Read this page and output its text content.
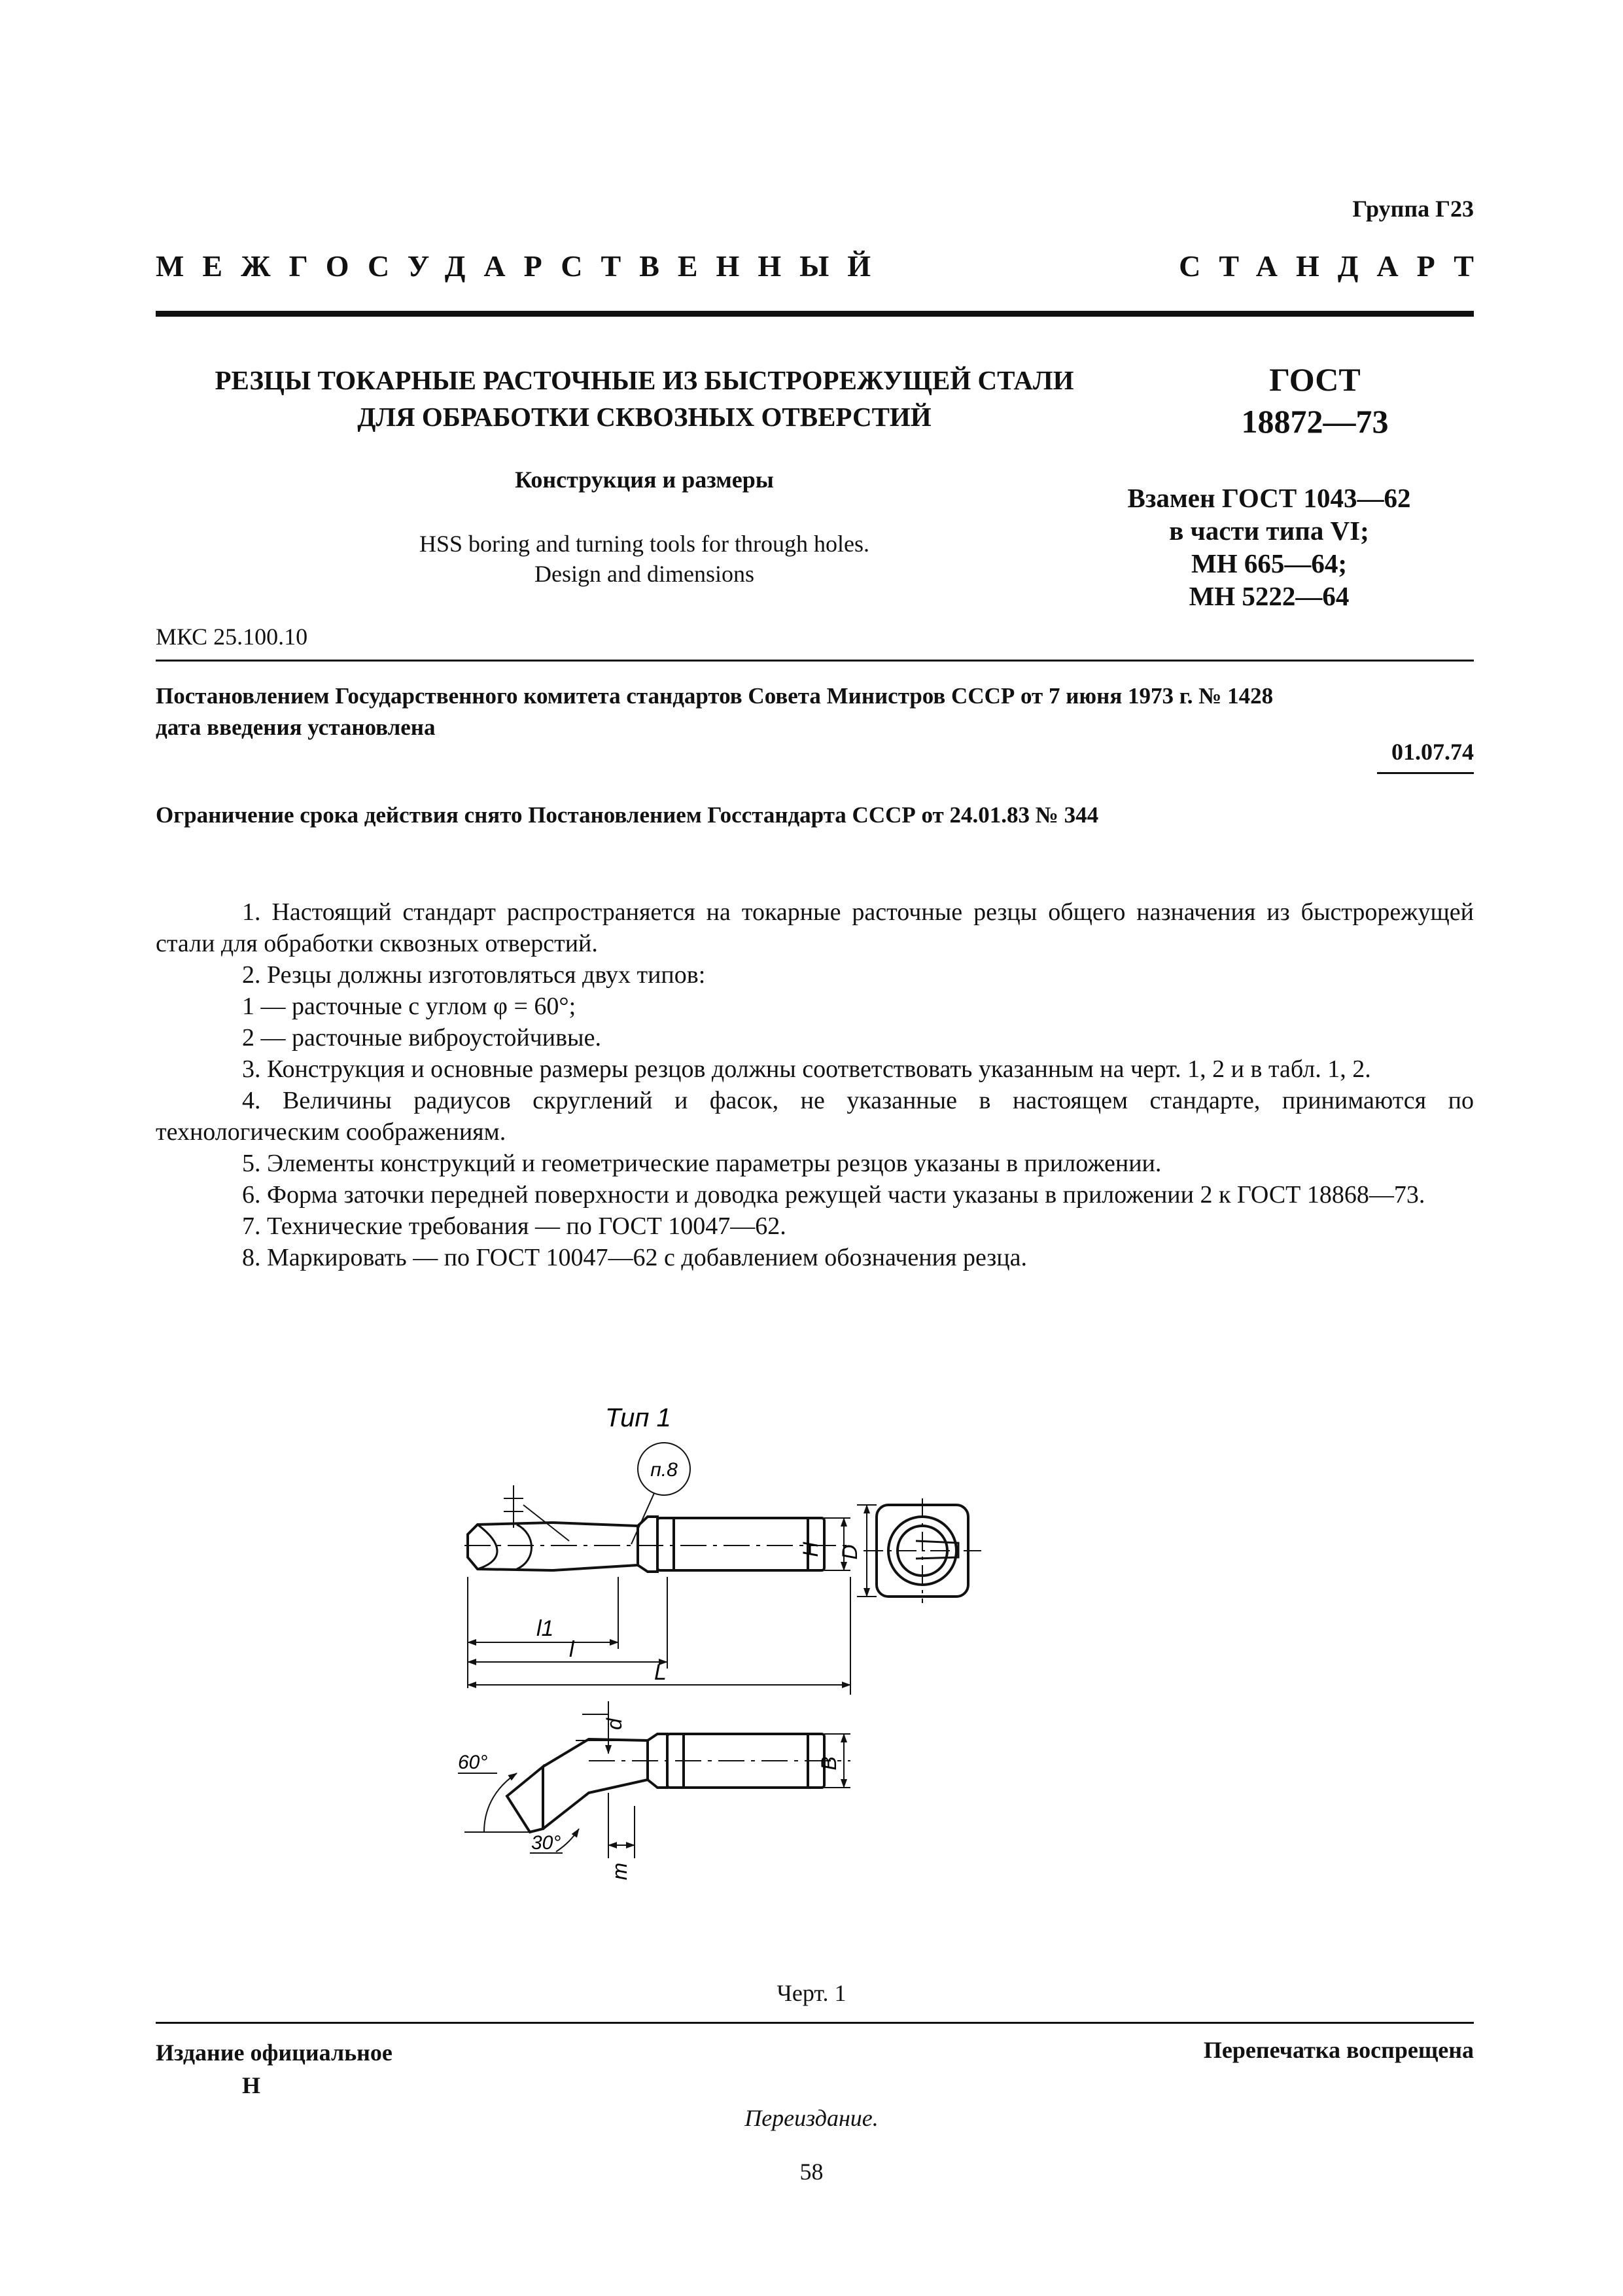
Группа Г23
МЕЖГОСУДАРСТВЕННЫЙ	СТАНДАРТ
РЕЗЦЫ ТОКАРНЫЕ РАСТОЧНЫЕ ИЗ БЫСТРОРЕЖУЩЕЙ СТАЛИ
ДЛЯ ОБРАБОТКИ СКВОЗНЫХ ОТВЕРСТИЙ
ГОСТ
18872—73
Конструкция и размеры
HSS boring and turning tools for through holes.
Design and dimensions
Взамен ГОСТ 1043—62
в части типа VI;
МН 665—64;
МН 5222—64
МКС 25.100.10
Постановлением Государственного комитета стандартов Совета Министров СССР от 7 июня 1973 г. № 1428
дата введения установлена
01.07.74
Ограничение срока действия снято Постановлением Госстандарта СССР от 24.01.83 № 344

1. Настоящий стандарт распространяется на токарные расточные резцы общего назначения из быстрорежущей стали для обработки сквозных отверстий.

2. Резцы должны изготовляться двух типов:

1 — расточные с углом φ = 60°;

2 — расточные виброустойчивые.

3. Конструкция и основные размеры резцов должны соответствовать указанным на черт. 1, 2 и в табл. 1, 2.

4. Величины радиусов скруглений и фасок, не указанные в настоящем стандарте, принимаются по технологическим соображениям.

5. Элементы конструкций и геометрические параметры резцов указаны в приложении.

6. Форма заточки передней поверхности и доводка режущей части указаны в приложении 2 к ГОСТ 18868—73.

7. Технические требования — по ГОСТ 10047—62.

8. Маркировать — по ГОСТ 10047—62 с добавлением обозначения резца.

Тип 1
п.8
H D
l1
l
L
d
B
m
60°
30°
Черт. 1
Издание официальное
Н
Перепечатка воспрещена
Переиздание.
58
